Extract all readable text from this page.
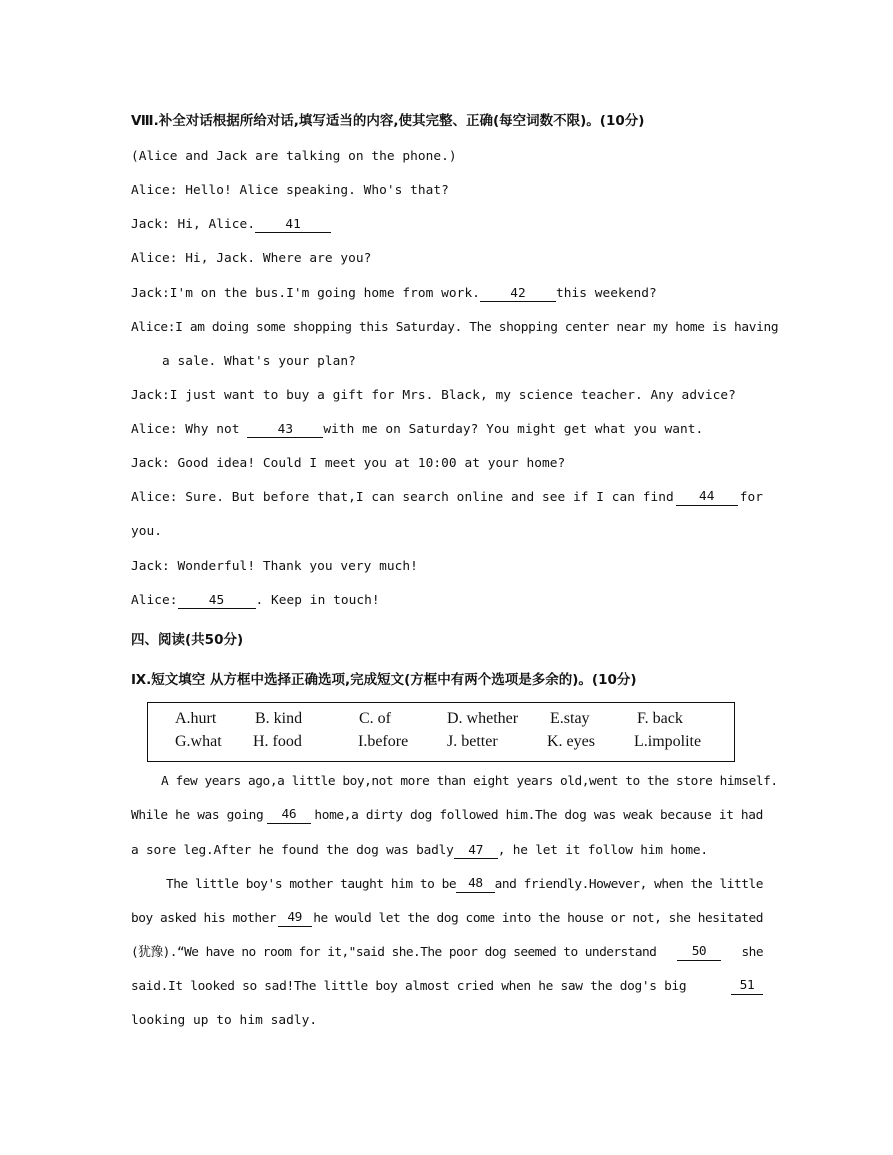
Ⅷ.补全对话根据所给对话,填写适当的内容,使其完整、正确(每空词数不限)。(10分)
(Alice and Jack are talking on the phone.)
Alice: Hello! Alice speaking. Who's that?
Jack: Hi, Alice. 41
Alice: Hi, Jack. Where are you?
Jack:I'm on the bus.I'm going home from work. 42 this weekend?
Alice:I am doing some shopping this Saturday. The shopping center near my home is having
a sale. What's your plan?
Jack:I just want to buy a gift for Mrs. Black, my science teacher. Any advice?
Alice: Why not	43 with me on Saturday? You might get what you want.
Jack: Good idea! Could I meet you at 10:00 at your home?
Alice: Sure. But before that,I can search online and see if I can find	44	for
you.
Jack: Wonderful! Thank you very much!
Alice: 45 . Keep in touch!
四、阅读(共50分)
Ⅸ.短文填空 从方框中选择正确选项,完成短文(方框中有两个选项是多余的)。(10分)
A.hurt B. kind	C. of	D. whether E.stay	F. back
G.what H. food	I.before J. better	K. eyes L.impolite
A few years ago,a little boy,not more than eight years old,went to the store himself.
While he was going	46	home,a dirty dog followed him.The dog was weak because it had
a sore leg.After he found the dog was badly 47 , he let it follow him home.
The little boy's mother taught him to be 48 and friendly.However, when the little
boy asked his mother 49 he would let the dog come into the house or not, she hesitated
(犹豫).“We have no room for it,"said she.The poor dog seemed to understand	50	she
said.It looked so sad!The little boy almost cried when he saw the dog's big	51
looking up to him sadly.
